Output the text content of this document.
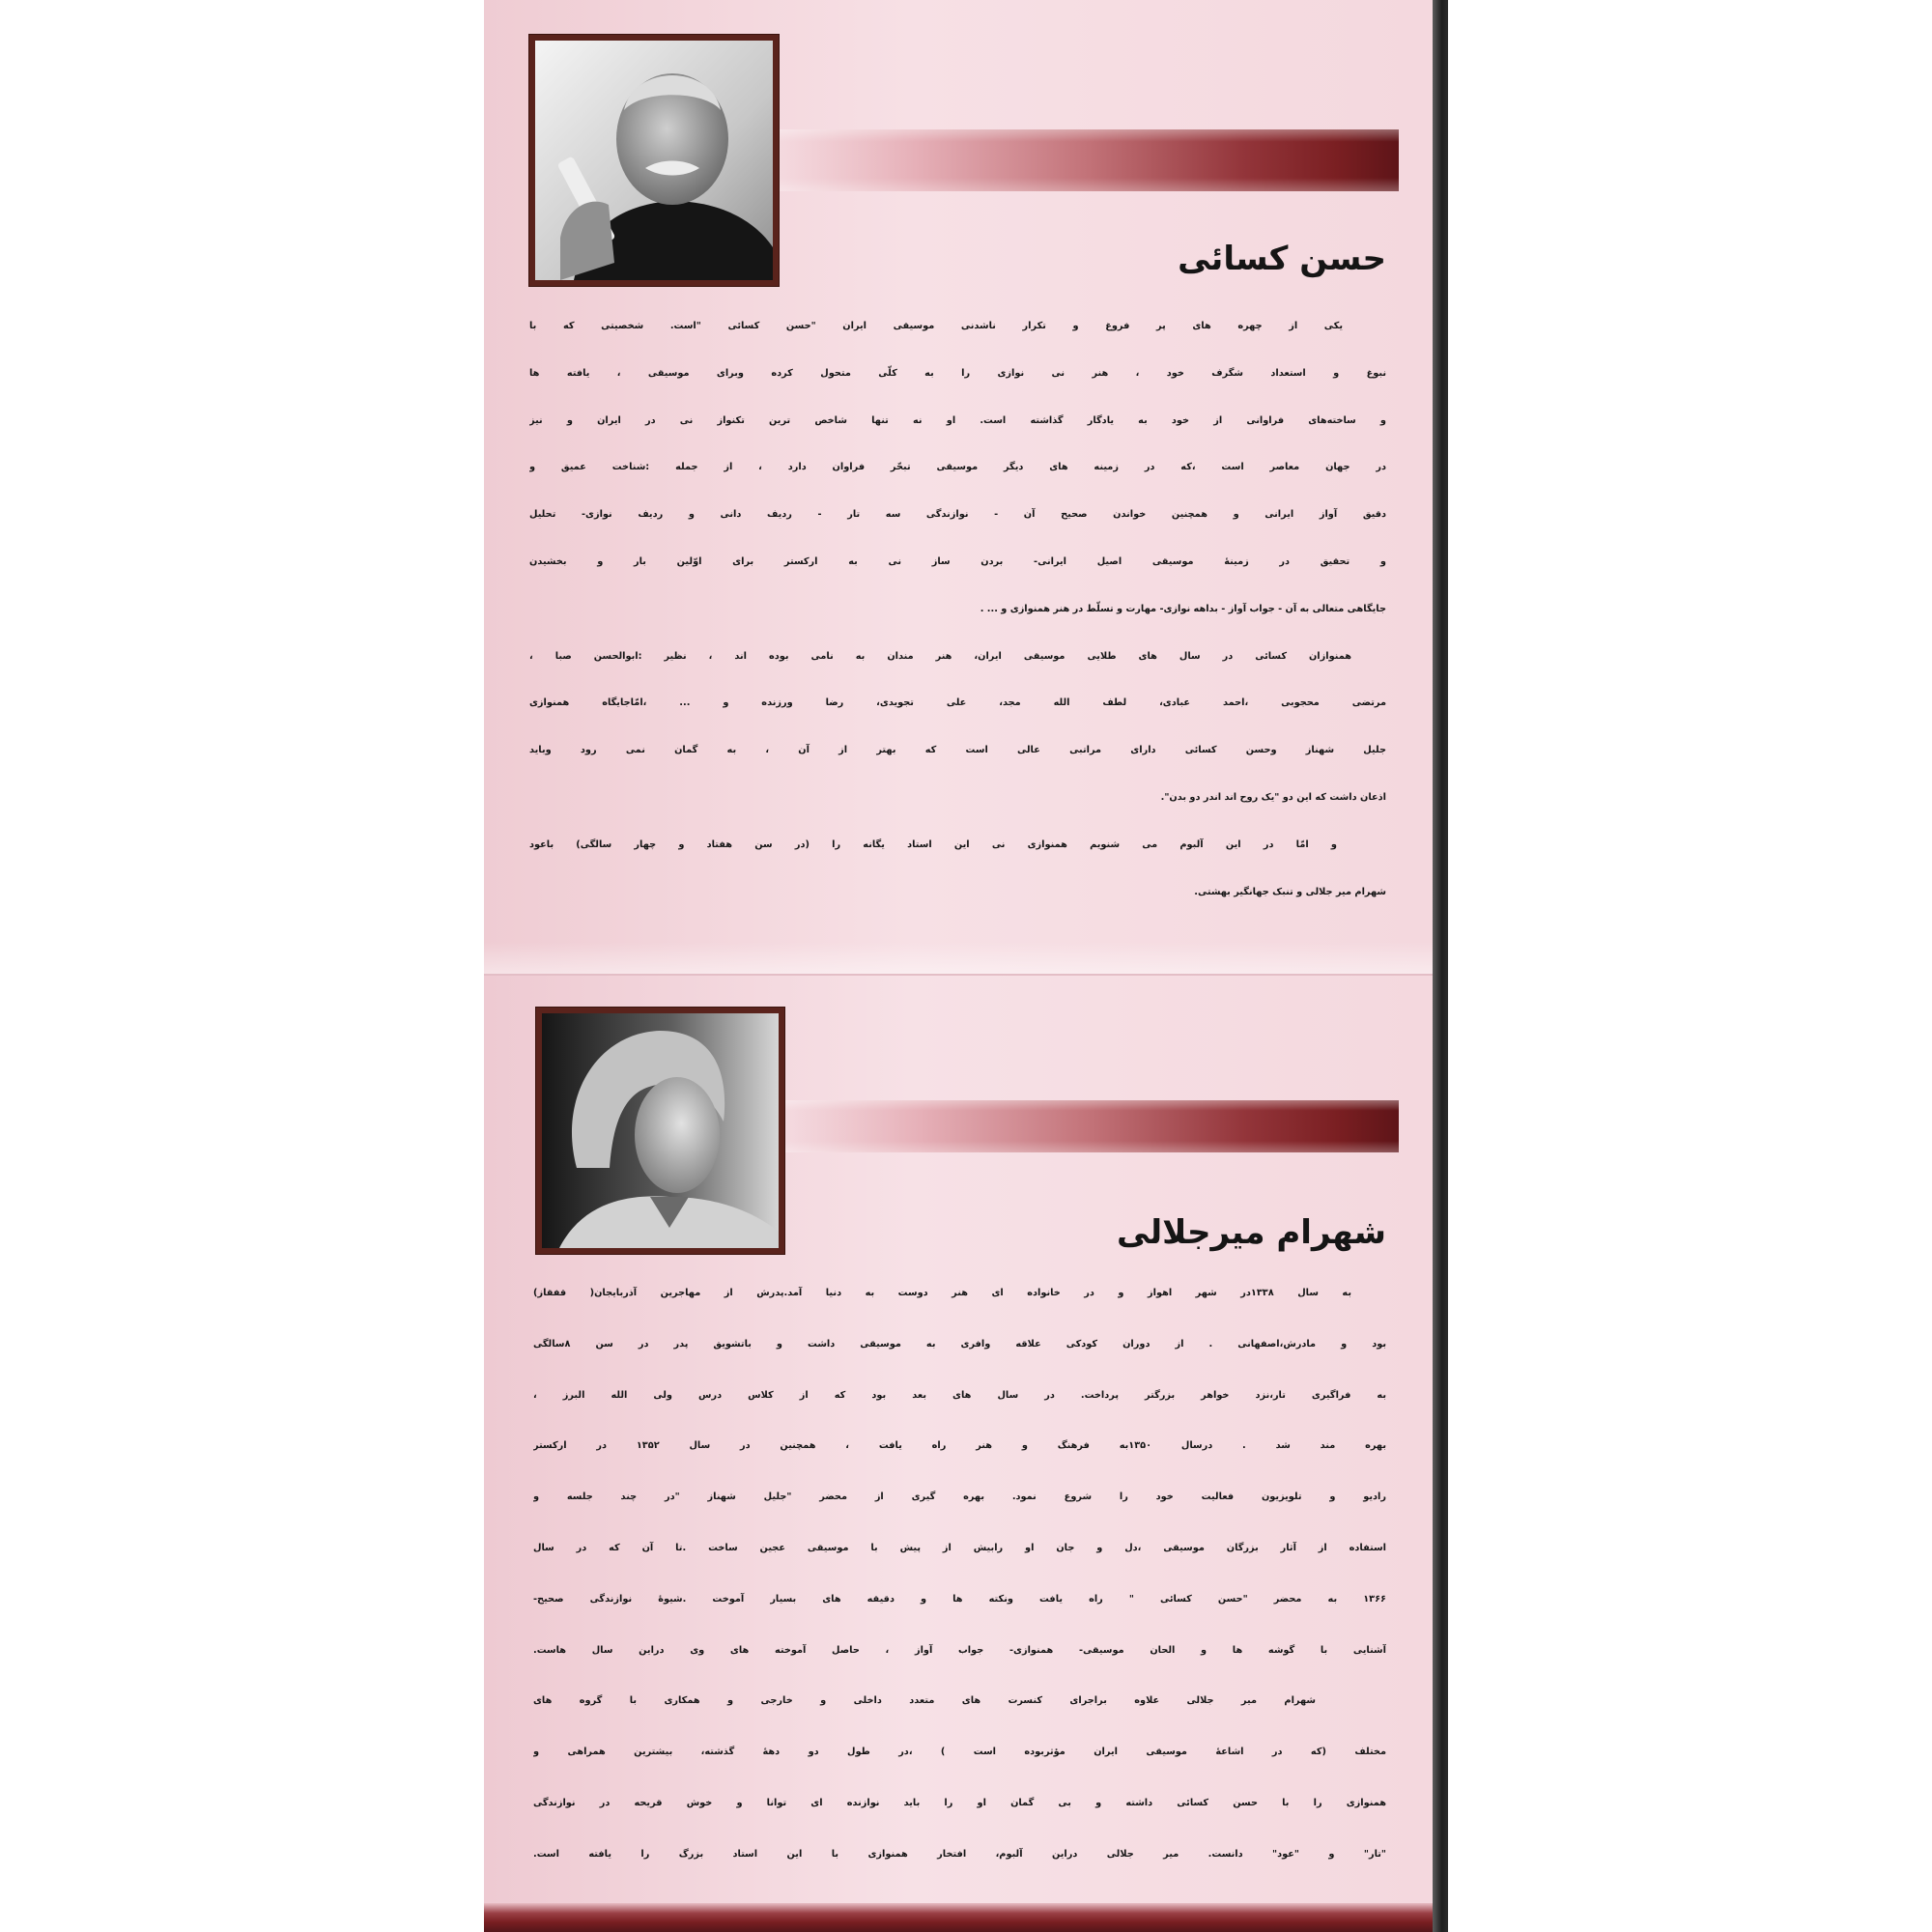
حسن کسائی
یکی از چهره های پر فروغ و تکرار ناشدنی موسیقی ایران "حسن کسائی "است. شخصیتی که با
نبوغ و استعداد شگرف خود ، هنر نی نوازی را به کلّی متحول کرده وبرای موسیقی ، یافته ها
و ساخته‌های فراوانی از خود به یادگار گذاشته است. او نه تنها شاخص ترین تکنواز نی در ایران و نیز
در جهان معاصر است ،که در زمینه های دیگر موسیقی تبحّر فراوان دارد ، از جمله :شناخت عمیق و
دقیق آواز ایرانی و همچنین خواندن صحیح آن - نوازندگی سه تار - ردیف دانی و ردیف نوازی- تحلیل
و تحقیق در زمینهٔ موسیقی اصیل ایرانی- بردن ساز نی به ارکستر برای اوّلین بار و بخشیدن
جایگاهی متعالی به آن - جواب آواز - بداهه نوازی- مهارت و تسلّط در هنر همنوازی و ... .
همنوازان کسائی در سال های طلایی موسیقی ایران، هنر مندان به نامی بوده اند ، نظیر :ابوالحسن صبا ،
مرتضی محجوبی ،احمد عبادی، لطف الله مجد، علی تجویدی، رضا ورزنده و ... ،امّاجایگاه همنوازی
جلیل شهناز وحسن کسائی دارای مراتبی عالی است که بهتر از آن ، به گمان نمی رود وباید
اذعان داشت که این دو "یک روح اند اندر دو بدن".
و امّا در این آلبوم می شنویم همنوازی نی این استاد یگانه را (در سن هفتاد و چهار سالگی) باعود
شهرام میر جلالی و تنبک جهانگیر بهشتی.
شهرام میرجلالی
به سال ۱۳۳۸در شهر اهواز و در خانواده ای هنر دوست به دنیا آمد.پدرش از مهاجرین آذربایجان( قفقاز)
بود و مادرش،اصفهانی . از دوران کودکی علاقه وافری به موسیقی داشت و باتشویق پدر در سن ۸سالگی
به فراگیری تار،نزد خواهر بزرگتر پرداخت. در سال های بعد بود که از کلاس درس ولی الله البرز ،
بهره مند شد . درسال ۱۳۵۰به فرهنگ و هنر راه یافت ، همچنین در سال ۱۳۵۲ در ارکستر
رادیو و تلویزیون فعالیت خود را شروع نمود. بهره گیری از محضر "جلیل شهناز "در چند جلسه و
استفاده از آثار بزرگان موسیقی ،دل و جان او رابیش از پیش با موسیقی عجین ساخت .تا آن که در سال
۱۳۶۶ به محضر "حسن کسائی " راه یافت ونکته ها و دقیقه های بسیار آموخت .شیوهٔ نوازندگی صحیح-
آشنایی با گوشه ها و الحان موسیقی- همنوازی- جواب آواز ، حاصل آموخته های وی دراین سال هاست.
شهرام میر جلالی علاوه براجرای کنسرت های متعدد داخلی و خارجی و همکاری با گروه های
مختلف (که در اشاعهٔ موسیقی ایران مؤثربوده است ) ،در طول دو دههٔ گذشته، بیشترین همراهی و
همنوازی را با حسن کسائی داشته و بی گمان او را باید نوازنده ای توانا و خوش قریحه در نوازندگی
"تار" و "عود" دانست. میر جلالی دراین آلبوم، افتخار همنوازی با این استاد بزرگ را یافته است.
